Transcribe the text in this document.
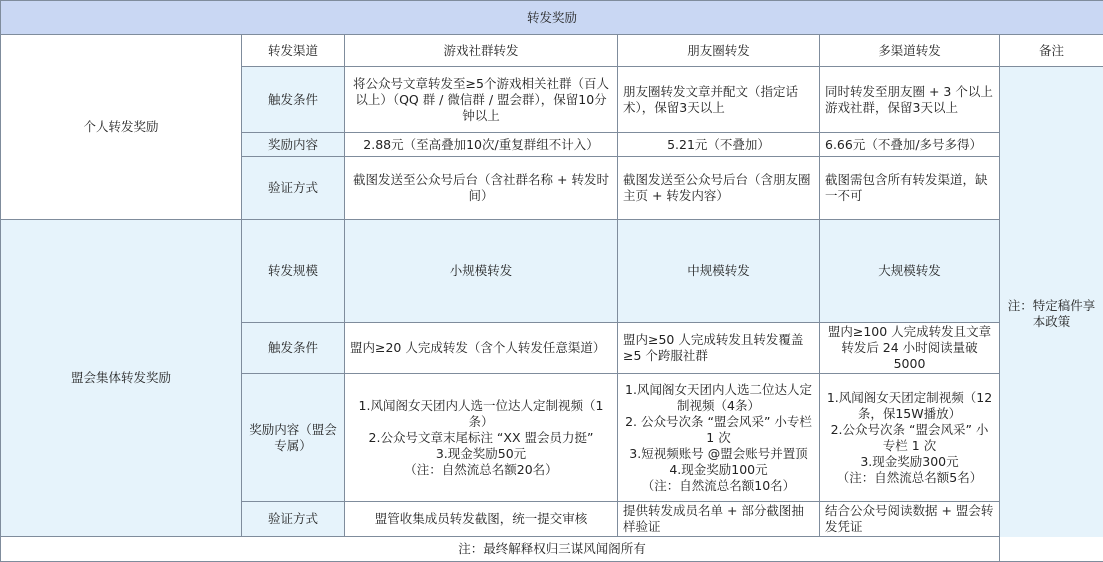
转发奖励					
个人转发奖励	转发渠道	游戏社群转发	朋友圈转发	多渠道转发	备注
	触发条件	将公众号文章转发至≥5个游戏相关社群（百人以上）（QQ 群 / 微信群 / 盟会群），保留10分钟以上	朋友圈转发文章并配文（指定话术），保留3天以上	同时转发至朋友圈 + 3 个以上游戏社群，保留3天以上	注：特定稿件享本政策
	奖励内容	2.88元（至高叠加10次/重复群组不计入）	5.21元（不叠加）	6.66元（不叠加/多号多得）	
	验证方式	截图发送至公众号后台（含社群名称 + 转发时间）	截图发送至公众号后台（含朋友圈主页 + 转发内容）	截图需包含所有转发渠道，缺一不可	
盟会集体转发奖励	转发规模	小规模转发	中规模转发	大规模转发	
	触发条件	盟内≥20 人完成转发（含个人转发任意渠道）	盟内≥50 人完成转发且转发覆盖≥5 个跨服社群	盟内≥100 人完成转发且文章转发后 24 小时阅读量破 5000	

	奖励内容（盟会
专属）	1.风闻阁女天团内人选一位达人定制视频（1条）
2.公众号文章末尾标注 “XX 盟会员力挺”
3.现金奖励50元
（注：自然流总名额20名）	1.风闻阁女天团内人选二位达人定制视频（4条）
2. 公众号次条 “盟会风采” 小专栏 1 次
3.短视频账号 @盟会账号并置顶
4.现金奖励100元
（注：自然流总名额10名）	1.风闻阁女天团定制视频（12条，保15W播放）
2.公众号次条 “盟会风采” 小专栏 1 次
3.现金奖励300元
（注：自然流总名额5名）	

	验证方式	盟管收集成员转发截图，统一提交审核	提供转发成员名单 + 部分截图抽样验证	结合公众号阅读数据 + 盟会转发凭证	
注：最终解释权归三谋风闻阁所有					
